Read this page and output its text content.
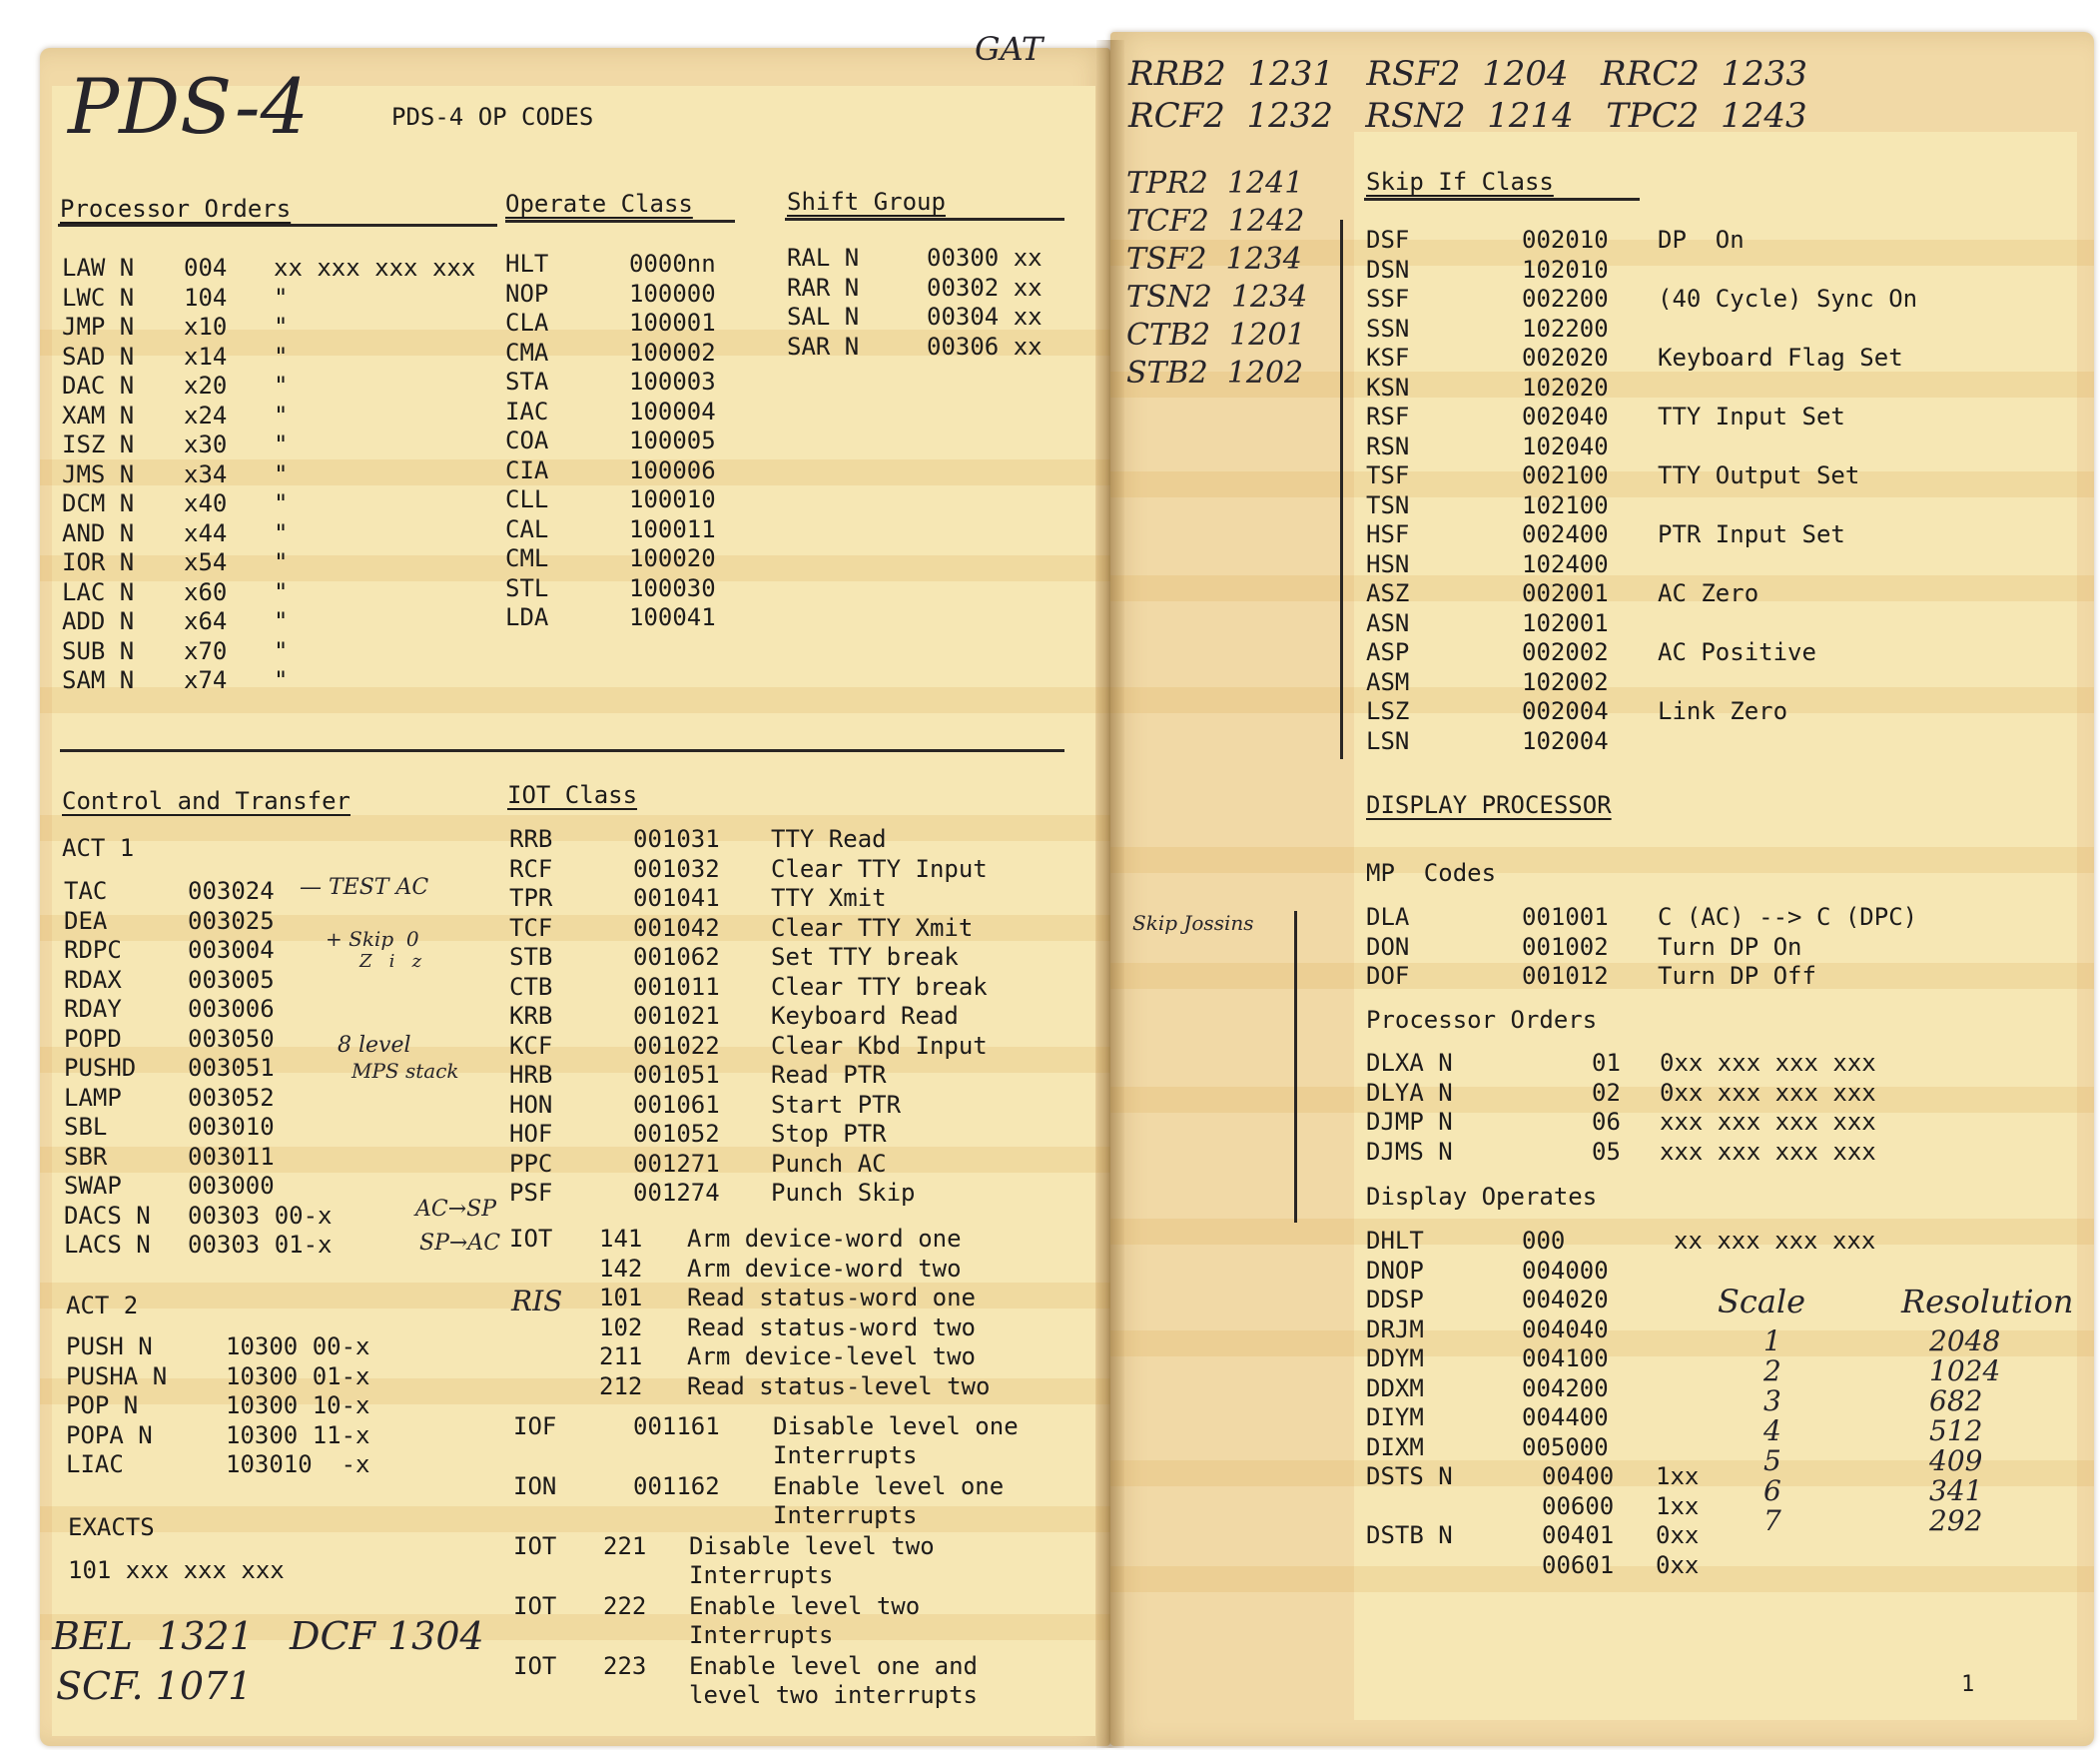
PDS-4
GAT
PDS-4 OP CODES
Processor Orders	Operate Class	Shift Group
LAW N 004 xx xxx xxx xxx
LWC N 104 "
JMP N x10 "
SAD N x14 "
DAC N x20 "
XAM N x24 "
ISZ N x30 "
JMS N x34 "
DCM N x40 "
AND N x44 "
IOR N x54 "
LAC N x60 "
ADD N x64 "
SUB N x70 "
SAM N x74 "
HLT	0000nn
NOP	100000
CLA	100001
CMA	100002
STA	100003
IAC	100004
COA	100005
CIA	100006
CLL	100010
CAL	100011
CML	100020
STL	100030
LDA	100041
RAL N	00300 xx
RAR N	00302 xx
SAL N	00304 xx
SAR N	00306 xx
Control and Transfer	IOT Class
ACT 1
TAC	003024
DEA	003025
RDPC	003004
RDAX	003005
RDAY	003006
POPD	003050
PUSHD 003051
LAMP	003052
SBL	003010
SBR	003011
SWAP	003000
DACS N 00303 00-x
LACS N 00303 01-x
ACT 2
PUSH N	10300 00-x
PUSHA N 10300 01-x
POP N	10300 10-x
POPA N	10300 11-x
LIAC	103010  -x
EXACTS
101 xxx xxx xxx
RRB	001031 TTY Read
RCF	001032 Clear TTY Input
TPR	001041 TTY Xmit
TCF	001042 Clear TTY Xmit
STB	001062 Set TTY break
CTB	001011 Clear TTY break
KRB	001021 Keyboard Read
KCF	001022 Clear Kbd Input
HRB	001051 Read PTR
HON	001061 Start PTR
HOF	001052 Stop PTR
PPC	001271 Punch AC
PSF	001274 Punch Skip
IOT 141 Arm device-word one
142 Arm device-word two
101 Read status-word one
102 Read status-word two
211 Arm device-level two
212 Read status-level two
IOF	001161 Disable level one
Interrupts
ION	001162 Enable level one
Interrupts
IOT 221 Disable level two
Interrupts
IOT 222 Enable level two
Interrupts
IOT 223 Enable level one and
level two interrupts
— TEST AC
+ Skip  0
Z   i   z
8 level
MPS stack
AC→SP
SP→AC
RIS
BEL  1321   DCF 1304
SCF. 1071
RRB2  1231   RSF2  1204   RRC2  1233
RCF2  1232   RSN2  1214   TPC2  1243
TPR2  1241
TCF2  1242
TSF2  1234
TSN2  1234
CTB2  1201
STB2  1202
Skip If Class
DSF	002010 DP  On
DSN	102010
SSF	002200 (40 Cycle) Sync On
SSN	102200
KSF	002020 Keyboard Flag Set
KSN	102020
RSF	002040 TTY Input Set
RSN	102040
TSF	002100 TTY Output Set
TSN	102100
HSF	002400 PTR Input Set
HSN	102400
ASZ	002001 AC Zero
ASN	102001
ASP	002002 AC Positive
ASM	102002
LSZ	002004 Link Zero
LSN	102004
DISPLAY PROCESSOR
MP  Codes
DLA	001001 C (AC) --> C (DPC)
DON	001002 Turn DP On
DOF	001012 Turn DP Off
Processor Orders
DLXA N	01 0xx xxx xxx xxx
DLYA N	02 0xx xxx xxx xxx
DJMP N	06 xxx xxx xxx xxx
DJMS N	05 xxx xxx xxx xxx
Display Operates
DHLT	000	xx xxx xxx xxx
DNOP	004000
DDSP	004020
DRJM	004040
DDYM	004100
DDXM	004200
DIYM	004400
DIXM	005000
DSTS N	00400 1xx
00600 1xx
DSTB N	00401 0xx
00601 0xx
Skip Jossins
Scale	Resolution
1	2048
2	1024
3	682
4	512
5	409
6	341
7	292
1
